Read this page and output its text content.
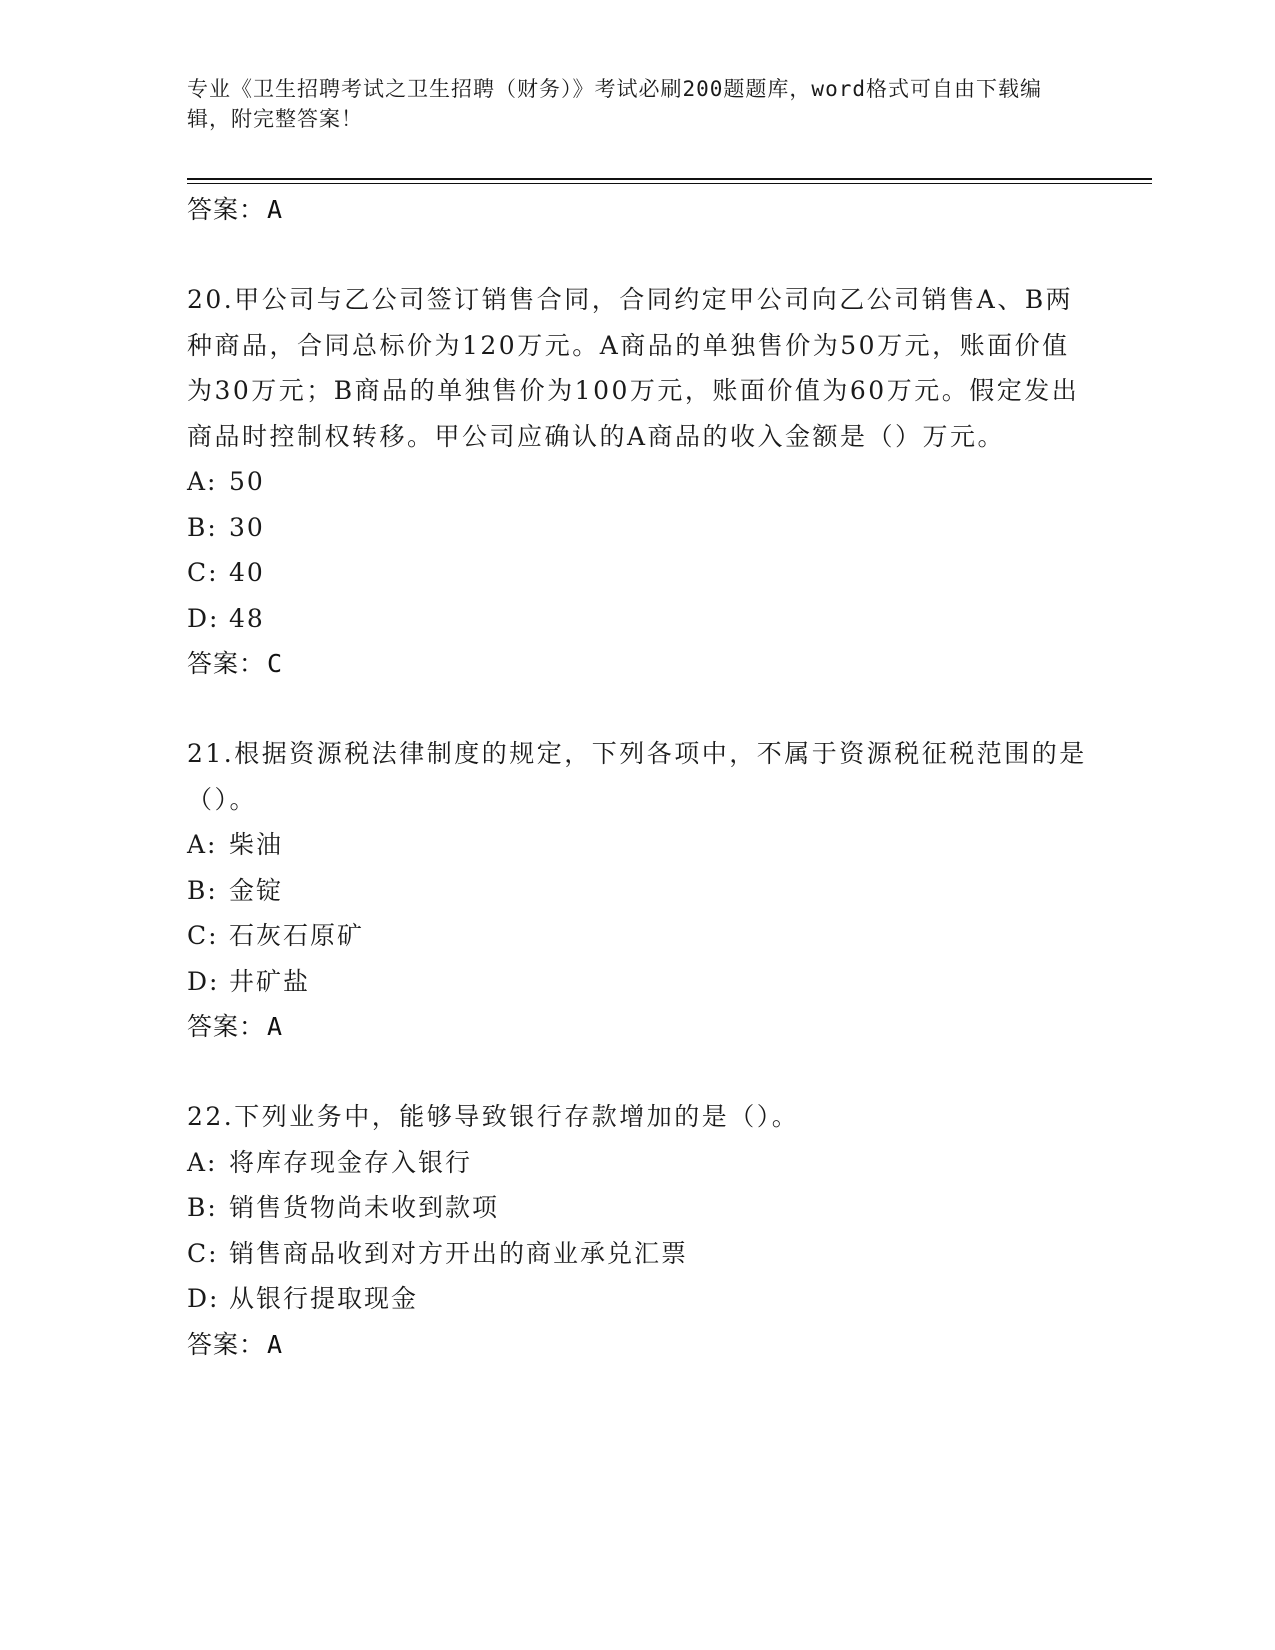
专业《卫生招聘考试之卫生招聘（财务）》考试必刷200题题库，word格式可自由下载编辑，附完整答案！
答案：A

20.甲公司与乙公司签订销售合同，合同约定甲公司向乙公司销售A、B两种商品，合同总标价为120万元。A商品的单独售价为50万元，账面价值为30万元；B商品的单独售价为100万元，账面价值为60万元。假定发出商品时控制权转移。甲公司应确认的A商品的收入金额是（）万元。

A: 50
B: 30
C: 40
D: 48
答案：C

21.根据资源税法律制度的规定，下列各项中，不属于资源税征税范围的是（）。

A: 柴油
B: 金锭
C: 石灰石原矿
D: 井矿盐
答案：A

22.下列业务中，能够导致银行存款增加的是（）。

A: 将库存现金存入银行
B: 销售货物尚未收到款项
C: 销售商品收到对方开出的商业承兑汇票
D: 从银行提取现金
答案：A
